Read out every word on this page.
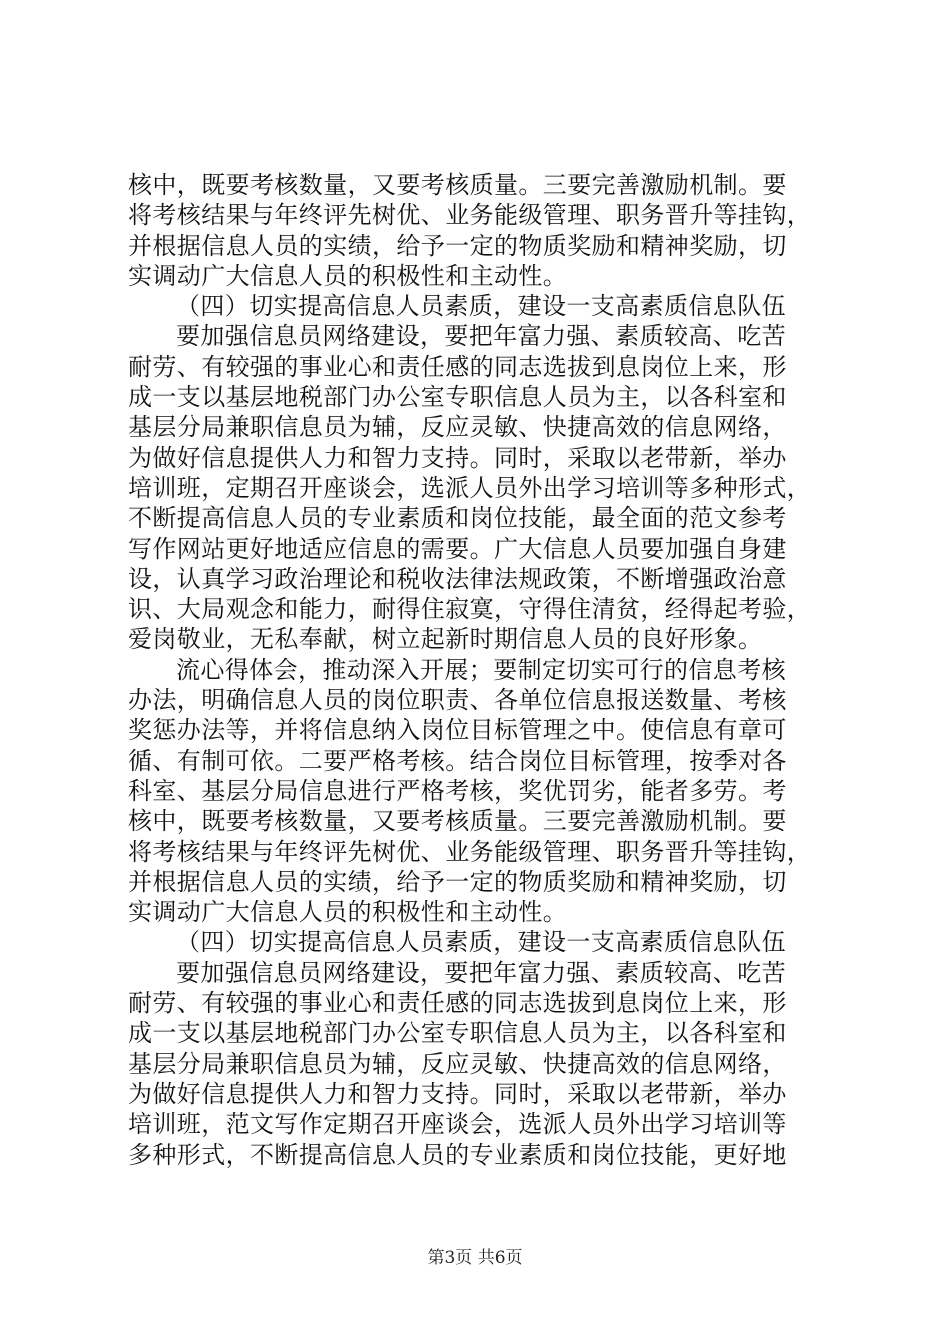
核中，既要考核数量，又要考核质量。三要完善激励机制。要
将考核结果与年终评先树优、业务能级管理、职务晋升等挂钩，
并根据信息人员的实绩，给予一定的物质奖励和精神奖励，切
实调动广大信息人员的积极性和主动性。
（四）切实提高信息人员素质，建设一支高素质信息队伍
要加强信息员网络建设，要把年富力强、素质较高、吃苦
耐劳、有较强的事业心和责任感的同志选拔到息岗位上来，形
成一支以基层地税部门办公室专职信息人员为主，以各科室和
基层分局兼职信息员为辅，反应灵敏、快捷高效的信息网络，
为做好信息提供人力和智力支持。同时，采取以老带新，举办
培训班，定期召开座谈会，选派人员外出学习培训等多种形式，
不断提高信息人员的专业素质和岗位技能，最全面的范文参考
写作网站更好地适应信息的需要。广大信息人员要加强自身建
设，认真学习政治理论和税收法律法规政策，不断增强政治意
识、大局观念和能力，耐得住寂寞，守得住清贫，经得起考验，
爱岗敬业，无私奉献，树立起新时期信息人员的良好形象。
流心得体会，推动深入开展；要制定切实可行的信息考核
办法，明确信息人员的岗位职责、各单位信息报送数量、考核
奖惩办法等，并将信息纳入岗位目标管理之中。使信息有章可
循、有制可依。二要严格考核。结合岗位目标管理，按季对各
科室、基层分局信息进行严格考核，奖优罚劣，能者多劳。考
核中，既要考核数量，又要考核质量。三要完善激励机制。要
将考核结果与年终评先树优、业务能级管理、职务晋升等挂钩，
并根据信息人员的实绩，给予一定的物质奖励和精神奖励，切
实调动广大信息人员的积极性和主动性。
（四）切实提高信息人员素质，建设一支高素质信息队伍
要加强信息员网络建设，要把年富力强、素质较高、吃苦
耐劳、有较强的事业心和责任感的同志选拔到息岗位上来，形
成一支以基层地税部门办公室专职信息人员为主，以各科室和
基层分局兼职信息员为辅，反应灵敏、快捷高效的信息网络，
为做好信息提供人力和智力支持。同时，采取以老带新，举办
培训班，范文写作定期召开座谈会，选派人员外出学习培训等
多种形式，不断提高信息人员的专业素质和岗位技能，更好地
第3页 共6页
